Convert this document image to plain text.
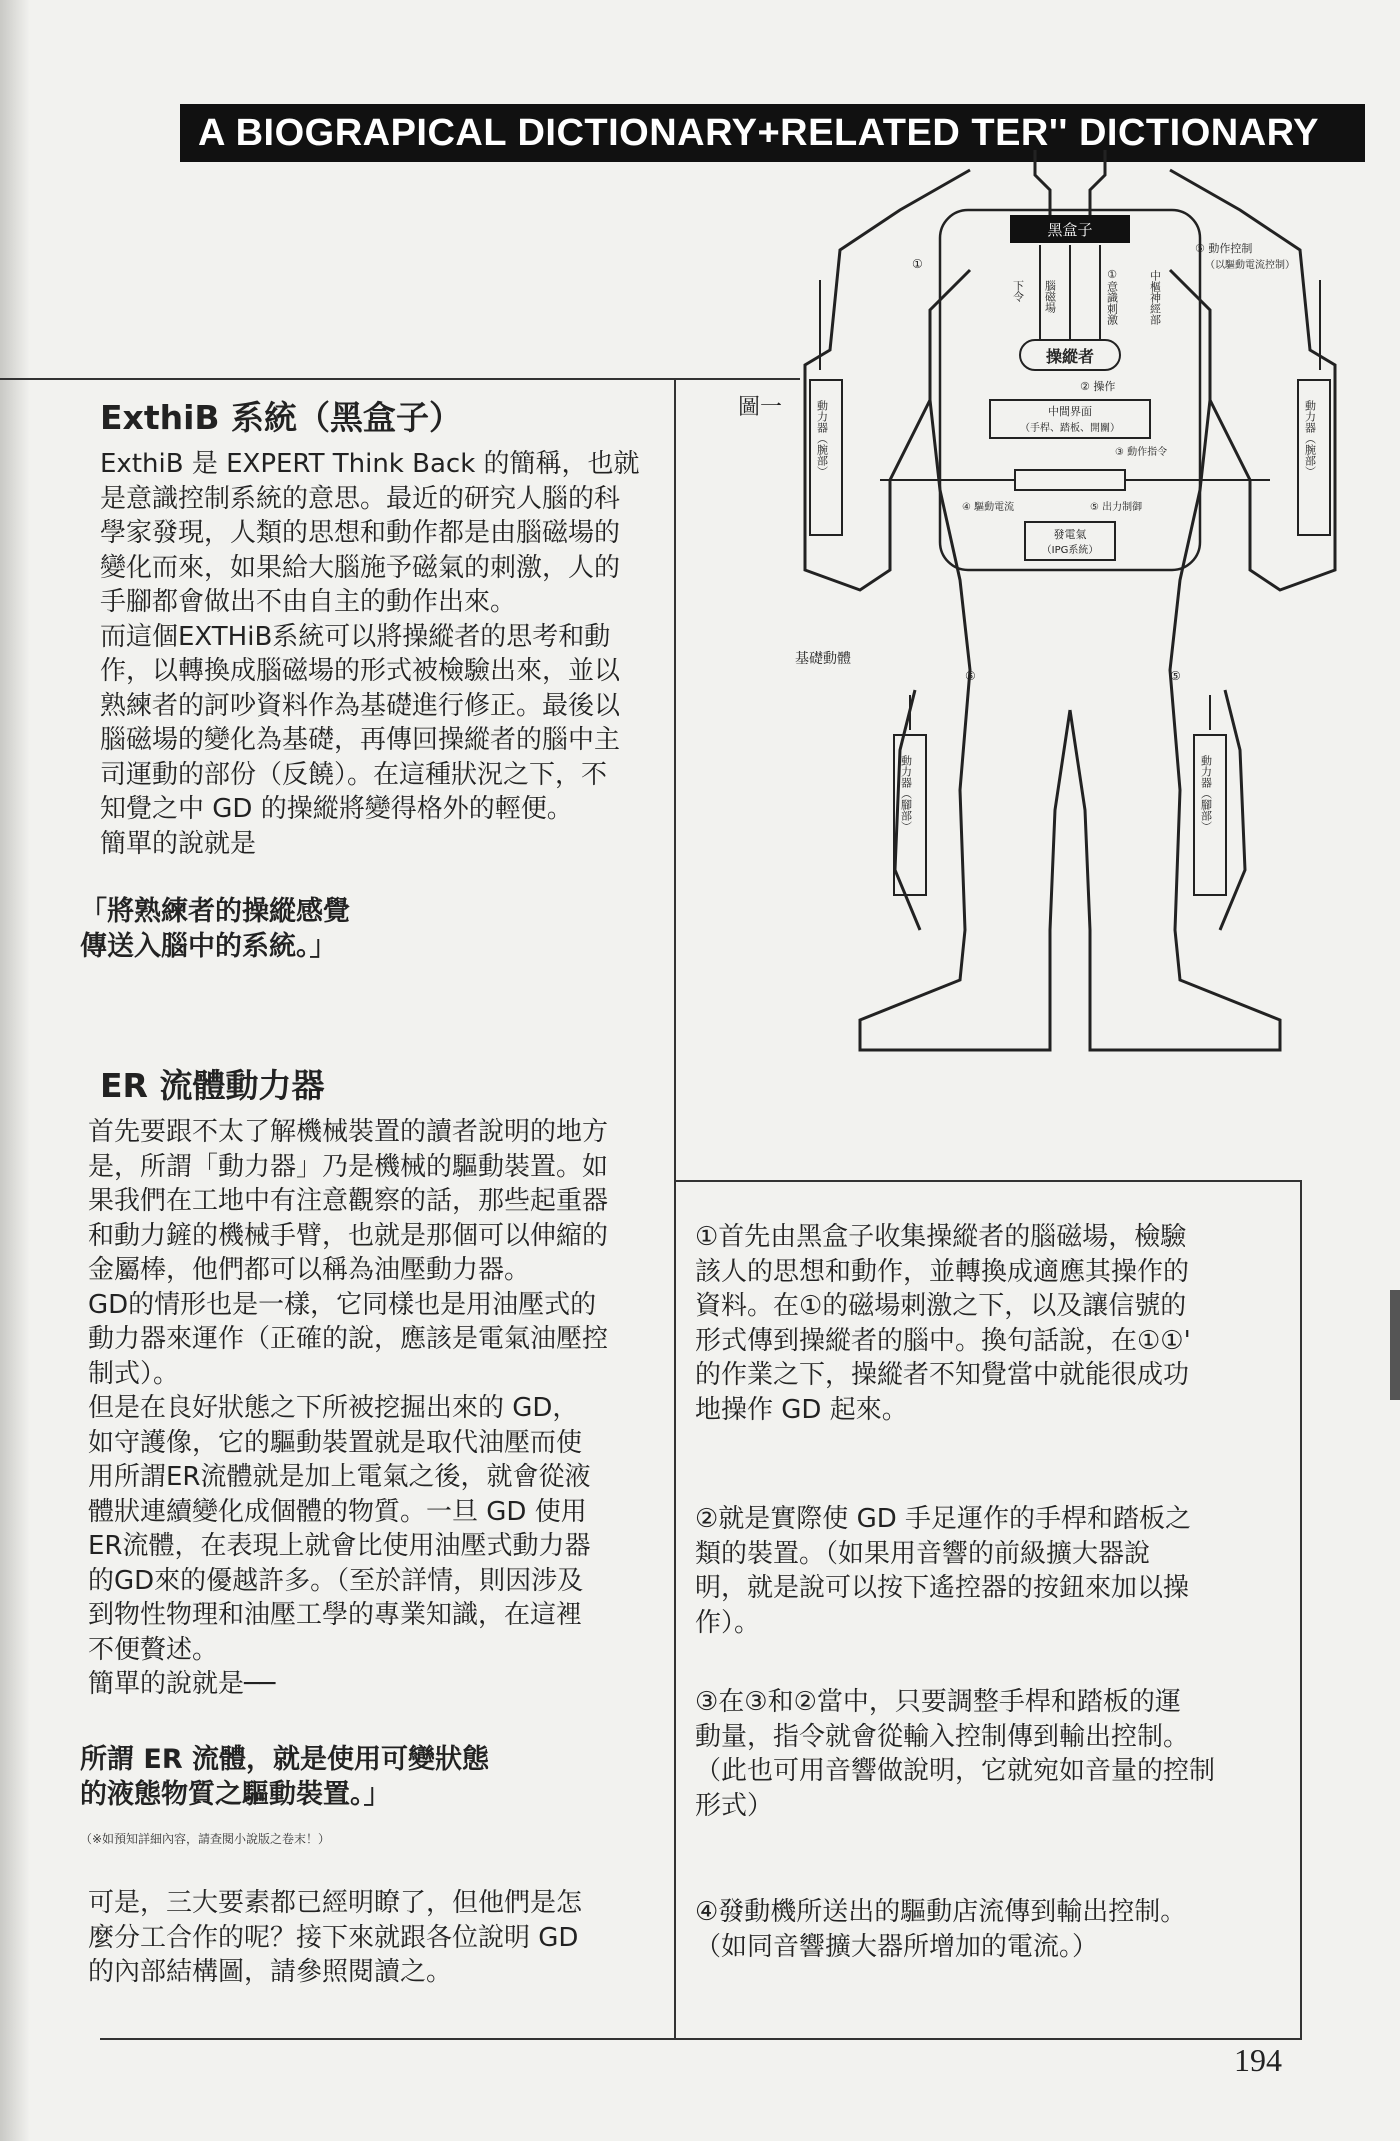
A BIOGRAPICAL DICTIONARY+RELATED TER'' DICTIONARY
ExthiB 系統（黑盒子）
ExthiB 是 EXPERT Think Back 的簡稱，也就
是意識控制系統的意思。最近的研究人腦的科
學家發現，人類的思想和動作都是由腦磁場的
變化而來，如果給大腦施予磁氣的刺激，人的
手腳都會做出不由自主的動作出來。
而這個EXTHiB系統可以將操縱者的思考和動
作，以轉換成腦磁場的形式被檢驗出來，並以
熟練者的訶吵資料作為基礎進行修正。最後以
腦磁場的變化為基礎，再傳回操縱者的腦中主
司運動的部份（反饒）。在這種狀況之下，不
知覺之中 GD 的操縱將變得格外的輕便。
簡單的說就是
「將熟練者的操縱感覺
傳送入腦中的系統。」
ER 流體動力器
首先要跟不太了解機械裝置的讀者說明的地方
是，所謂「動力器」乃是機械的驅動裝置。如
果我們在工地中有注意觀察的話，那些起重器
和動力鏟的機械手臂，也就是那個可以伸縮的
金屬棒，他們都可以稱為油壓動力器。
GD的情形也是一樣，它同樣也是用油壓式的
動力器來運作（正確的說，應該是電氣油壓控
制式）。
但是在良好狀態之下所被挖掘出來的 GD，
如守護像，它的驅動裝置就是取代油壓而使
用所謂ER流體就是加上電氣之後，就會從液
體狀連續變化成個體的物質。一旦 GD 使用
ER流體，在表現上就會比使用油壓式動力器
的GD來的優越許多。（至於詳情，則因涉及
到物性物理和油壓工學的專業知識，在這裡
不便贅述。
簡單的說就是──
所謂 ER 流體，就是使用可變狀態
的液態物質之驅動裝置。」
（※如預知詳細內容，請查閱小說版之卷末！）
可是，三大要素都已經明瞭了，但他們是怎
麼分工合作的呢？接下來就跟各位說明 GD
的內部結構圖，請參照閱讀之。
①首先由黑盒子收集操縱者的腦磁場，檢驗
該人的思想和動作，並轉換成適應其操作的
資料。在①的磁場刺激之下，以及讓信號的
形式傳到操縱者的腦中。換句話說，在①①'
的作業之下，操縱者不知覺當中就能很成功
地操作 GD 起來。
②就是實際使 GD 手足運作的手桿和踏板之
類的裝置。（如果用音響的前級擴大器說
明，就是說可以按下遙控器的按鈕來加以操
作）。
③在③和②當中，只要調整手桿和踏板的運
動量，指令就會從輸入控制傳到輸出控制。
（此也可用音響做說明，它就宛如音量的控制
形式）
④發動機所送出的驅動店流傳到輸出控制。
（如同音響擴大器所增加的電流。）
圖一
基礎動體
黑盒子
下令 腦磁場	①意識刺激	中樞神經部
操縱者
② 操作
中間界面
（手桿、踏板、開關）
③ 動作指令
④ 驅動電流	⑤ 出力制御
發電氣
（IPG系統）
⑤ 動作控制
（以驅動電流控制）
①
⑤	⑤
動力器（腕部）	動力器（腕部）
動力器（腳部）	動力器（腳部）
194
